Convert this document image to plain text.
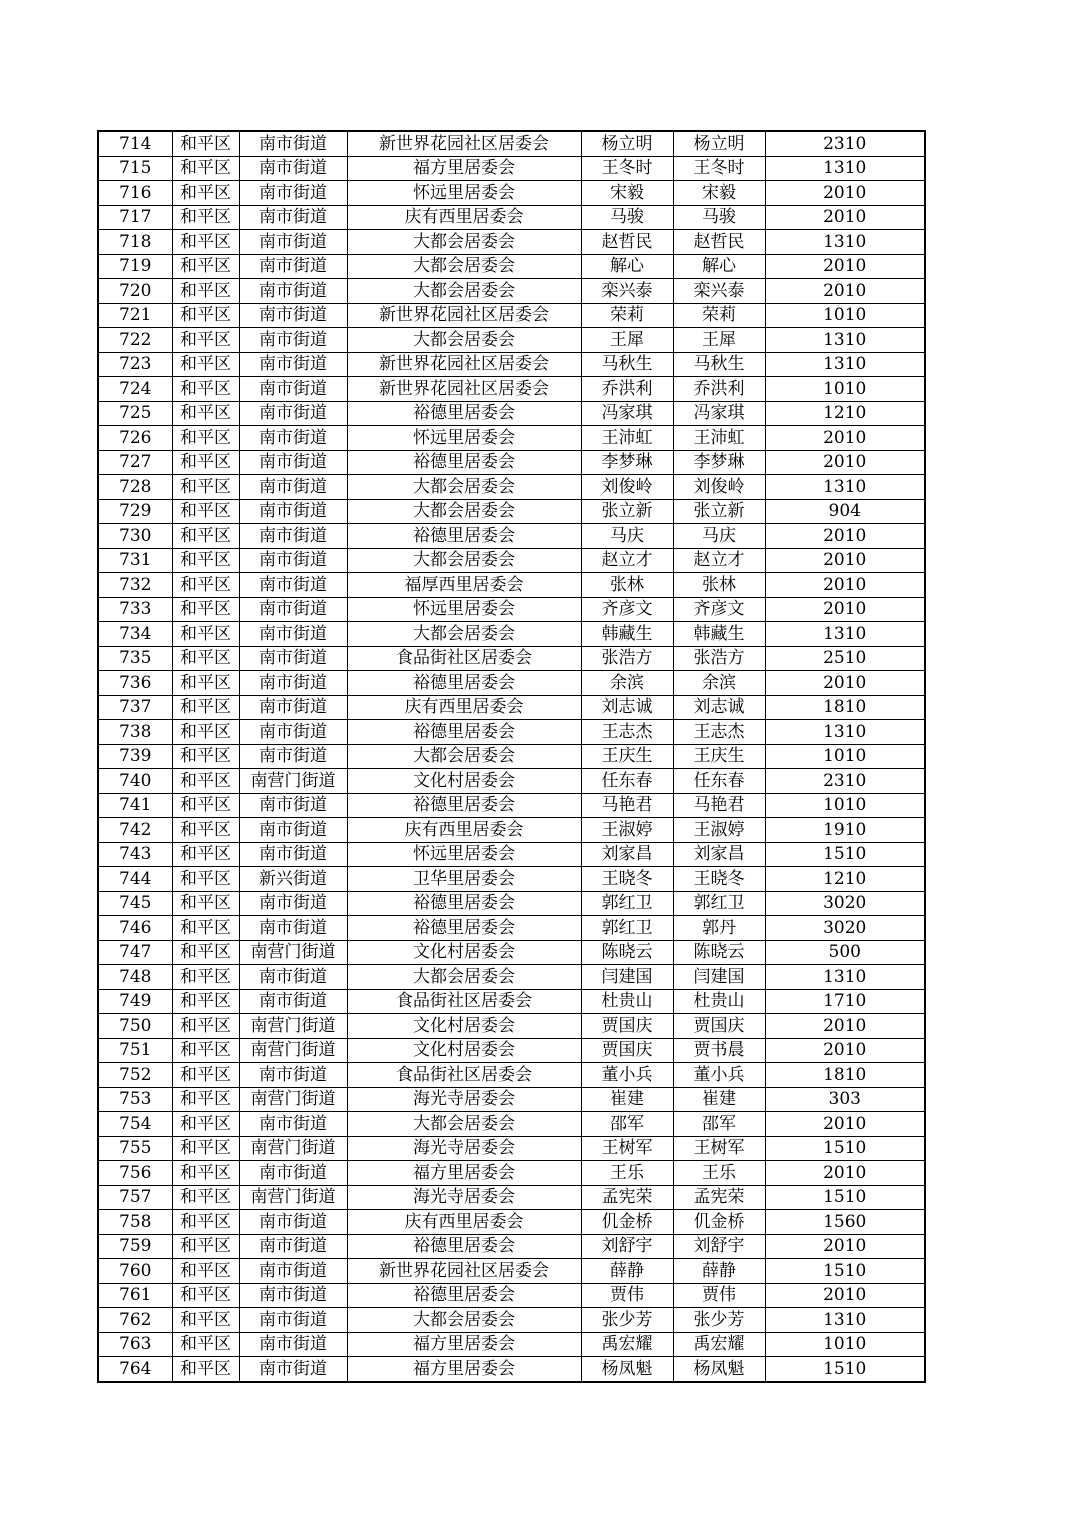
714	和平区	南市街道	新世界花园社区居委会	杨立明	杨立明	2310
715	和平区	南市街道	福方里居委会	王冬时	王冬时	1310
716	和平区	南市街道	怀远里居委会	宋毅	宋毅	2010
717	和平区	南市街道	庆有西里居委会	马骏	马骏	2010
718	和平区	南市街道	大都会居委会	赵哲民	赵哲民	1310
719	和平区	南市街道	大都会居委会	解心	解心	2010
720	和平区	南市街道	大都会居委会	栾兴泰	栾兴泰	2010
721	和平区	南市街道	新世界花园社区居委会	荣莉	荣莉	1010
722	和平区	南市街道	大都会居委会	王犀	王犀	1310
723	和平区	南市街道	新世界花园社区居委会	马秋生	马秋生	1310
724	和平区	南市街道	新世界花园社区居委会	乔洪利	乔洪利	1010
725	和平区	南市街道	裕德里居委会	冯家琪	冯家琪	1210
726	和平区	南市街道	怀远里居委会	王沛虹	王沛虹	2010
727	和平区	南市街道	裕德里居委会	李梦琳	李梦琳	2010
728	和平区	南市街道	大都会居委会	刘俊岭	刘俊岭	1310
729	和平区	南市街道	大都会居委会	张立新	张立新	904
730	和平区	南市街道	裕德里居委会	马庆	马庆	2010
731	和平区	南市街道	大都会居委会	赵立才	赵立才	2010
732	和平区	南市街道	福厚西里居委会	张林	张林	2010
733	和平区	南市街道	怀远里居委会	齐彦文	齐彦文	2010
734	和平区	南市街道	大都会居委会	韩藏生	韩藏生	1310
735	和平区	南市街道	食品街社区居委会	张浩方	张浩方	2510
736	和平区	南市街道	裕德里居委会	余滨	余滨	2010
737	和平区	南市街道	庆有西里居委会	刘志诚	刘志诚	1810
738	和平区	南市街道	裕德里居委会	王志杰	王志杰	1310
739	和平区	南市街道	大都会居委会	王庆生	王庆生	1010
740	和平区	南营门街道	文化村居委会	任东春	任东春	2310
741	和平区	南市街道	裕德里居委会	马艳君	马艳君	1010
742	和平区	南市街道	庆有西里居委会	王淑婷	王淑婷	1910
743	和平区	南市街道	怀远里居委会	刘家昌	刘家昌	1510
744	和平区	新兴街道	卫华里居委会	王晓冬	王晓冬	1210
745	和平区	南市街道	裕德里居委会	郭红卫	郭红卫	3020
746	和平区	南市街道	裕德里居委会	郭红卫	郭丹	3020
747	和平区	南营门街道	文化村居委会	陈晓云	陈晓云	500
748	和平区	南市街道	大都会居委会	闫建国	闫建国	1310
749	和平区	南市街道	食品街社区居委会	杜贵山	杜贵山	1710
750	和平区	南营门街道	文化村居委会	贾国庆	贾国庆	2010
751	和平区	南营门街道	文化村居委会	贾国庆	贾书晨	2010
752	和平区	南市街道	食品街社区居委会	董小兵	董小兵	1810
753	和平区	南营门街道	海光寺居委会	崔建	崔建	303
754	和平区	南市街道	大都会居委会	邵军	邵军	2010
755	和平区	南营门街道	海光寺居委会	王树军	王树军	1510
756	和平区	南市街道	福方里居委会	王乐	王乐	2010
757	和平区	南营门街道	海光寺居委会	孟宪荣	孟宪荣	1510
758	和平区	南市街道	庆有西里居委会	仉金桥	仉金桥	1560
759	和平区	南市街道	裕德里居委会	刘舒宇	刘舒宇	2010
760	和平区	南市街道	新世界花园社区居委会	薛静	薛静	1510
761	和平区	南市街道	裕德里居委会	贾伟	贾伟	2010
762	和平区	南市街道	大都会居委会	张少芳	张少芳	1310
763	和平区	南市街道	福方里居委会	禹宏耀	禹宏耀	1010
764	和平区	南市街道	福方里居委会	杨凤魁	杨凤魁	1510
